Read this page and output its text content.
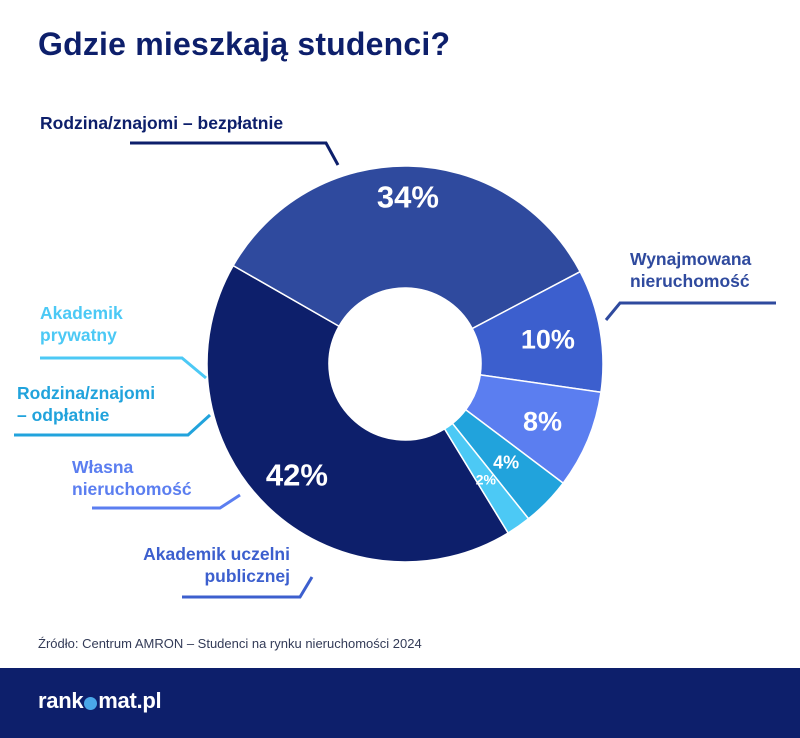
Gdzie mieszkają studenci?
42%
34%
10%
8%
4%
2%
Rodzina/znajomi – bezpłatnie
Wynajmowana
nieruchomość
Akademik
prywatny
Rodzina/znajomi
– odpłatnie
Własna
nieruchomość
Akademik uczelni
publicznej
Źródło: Centrum AMRON – Studenci na rynku nieruchomości 2024
rank mat.pl
